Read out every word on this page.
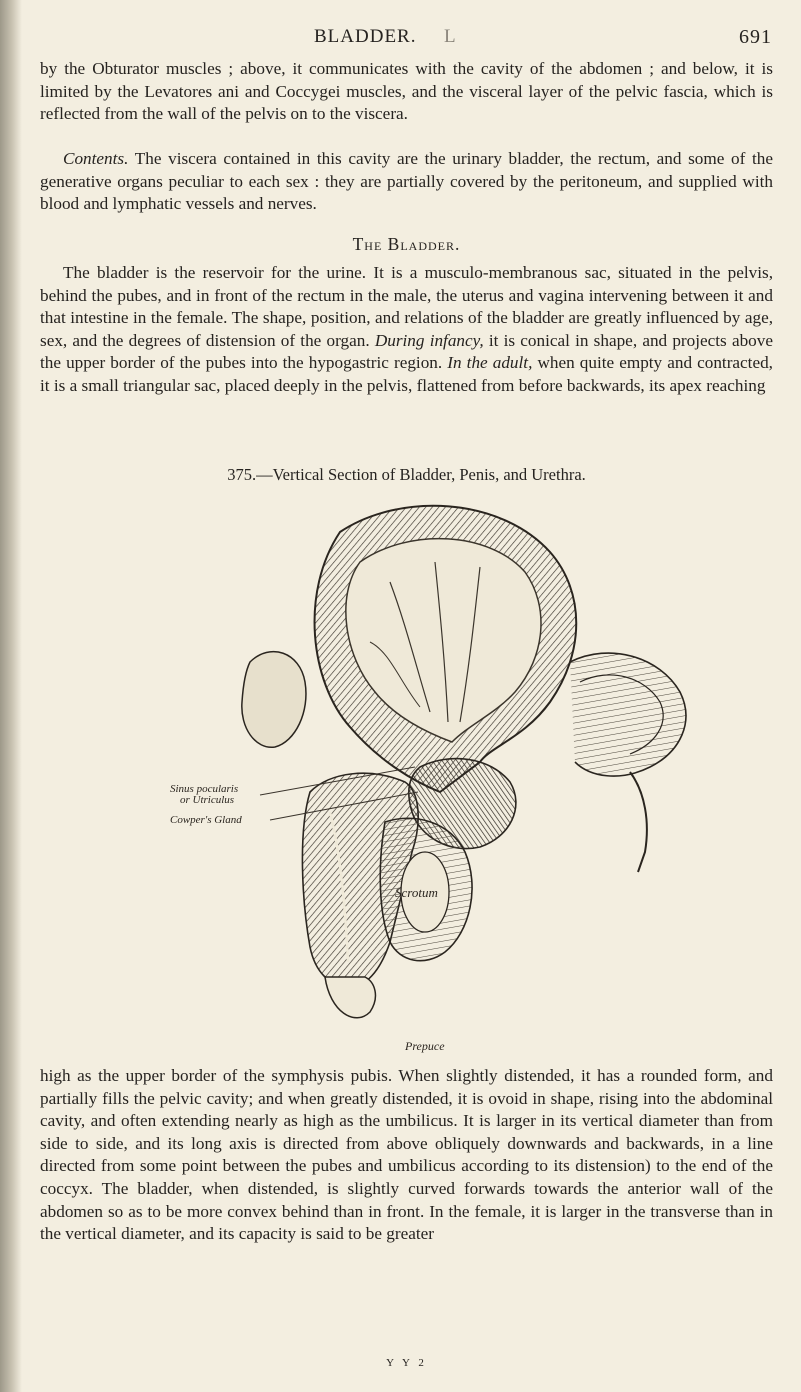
BLADDER. L	691

by the Obturator muscles ; above, it communicates with the cavity of the abdomen ; and below, it is limited by the Levatores ani and Coccygei muscles, and the visceral layer of the pelvic fascia, which is reflected from the wall of the pelvis on to the viscera.

Contents. The viscera contained in this cavity are the urinary bladder, the rectum, and some of the generative organs peculiar to each sex : they are partially covered by the peritoneum, and supplied with blood and lymphatic vessels and nerves.

The Bladder.

The bladder is the reservoir for the urine. It is a musculo-membranous sac, situated in the pelvis, behind the pubes, and in front of the rectum in the male, the uterus and vagina intervening between it and that intestine in the female. The shape, position, and relations of the bladder are greatly influenced by age, sex, and the degrees of distension of the organ. During infancy, it is conical in shape, and projects above the upper border of the pubes into the hypogastric region. In the adult, when quite empty and contracted, it is a small triangular sac, placed deeply in the pelvis, flattened from before backwards, its apex reaching

375.—Vertical Section of Bladder, Penis, and Urethra.
Sinus pocularis
or Utriculus
Cowper's Gland
Scrotum
Prepuce

high as the upper border of the symphysis pubis. When slightly distended, it has a rounded form, and partially fills the pelvic cavity; and when greatly distended, it is ovoid in shape, rising into the abdominal cavity, and often extending nearly as high as the umbilicus. It is larger in its vertical diameter than from side to side, and its long axis is directed from above obliquely downwards and backwards, in a line directed from some point between the pubes and umbilicus according to its distension) to the end of the coccyx. The bladder, when distended, is slightly curved forwards towards the anterior wall of the abdomen so as to be more convex behind than in front. In the female, it is larger in the transverse than in the vertical diameter, and its capacity is said to be greater

Y Y 2
